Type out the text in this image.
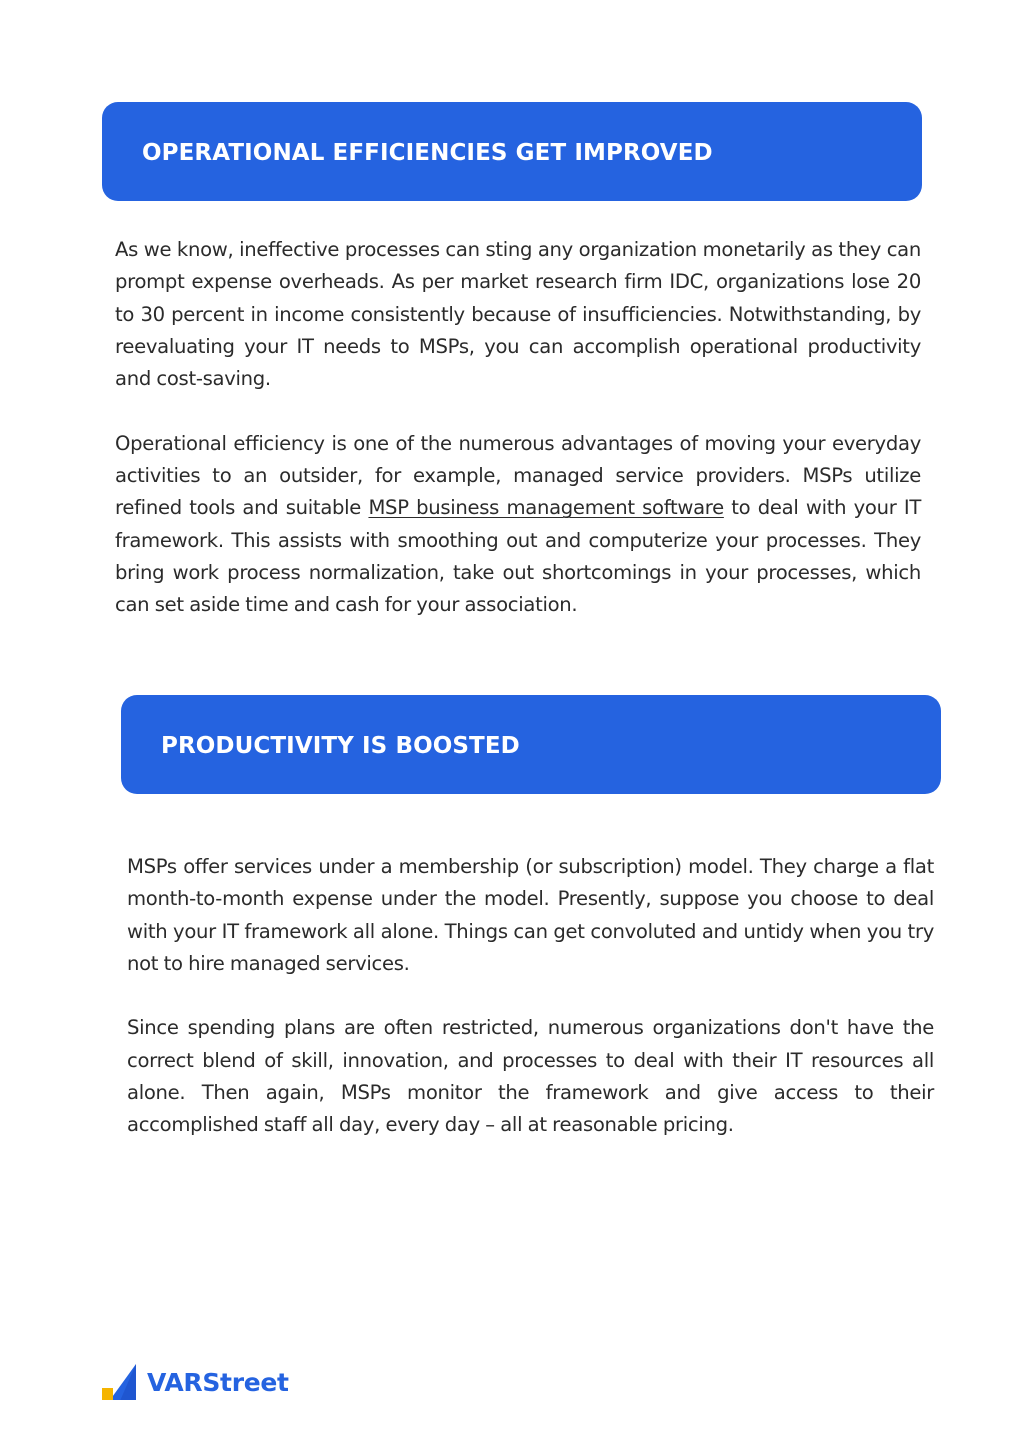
OPERATIONAL EFFICIENCIES GET IMPROVED

As we know, ineffective processes can sting any organization monetarily as they can prompt expense overheads. As per market research firm IDC, organizations lose 20 to 30 percent in income consistently because of insufficiencies. Notwithstanding, by reevaluating your IT needs to MSPs, you can accomplish operational productivity and cost-saving.

Operational efficiency is one of the numerous advantages of moving your everyday activities to an outsider, for example, managed service providers. MSPs utilize refined tools and suitable MSP business management software to deal with your IT framework. This assists with smoothing out and computerize your processes. They bring work process normalization, take out shortcomings in your processes, which can set aside time and cash for your association.

PRODUCTIVITY IS BOOSTED

MSPs offer services under a membership (or subscription) model. They charge a flat month-to-month expense under the model. Presently, suppose you choose to deal with your IT framework all alone. Things can get convoluted and untidy when you try not to hire managed services.

Since spending plans are often restricted, numerous organizations don't have the correct blend of skill, innovation, and processes to deal with their IT resources all alone. Then again, MSPs monitor the framework and give access to their accomplished staff all day, every day – all at reasonable pricing.

VARStreet
